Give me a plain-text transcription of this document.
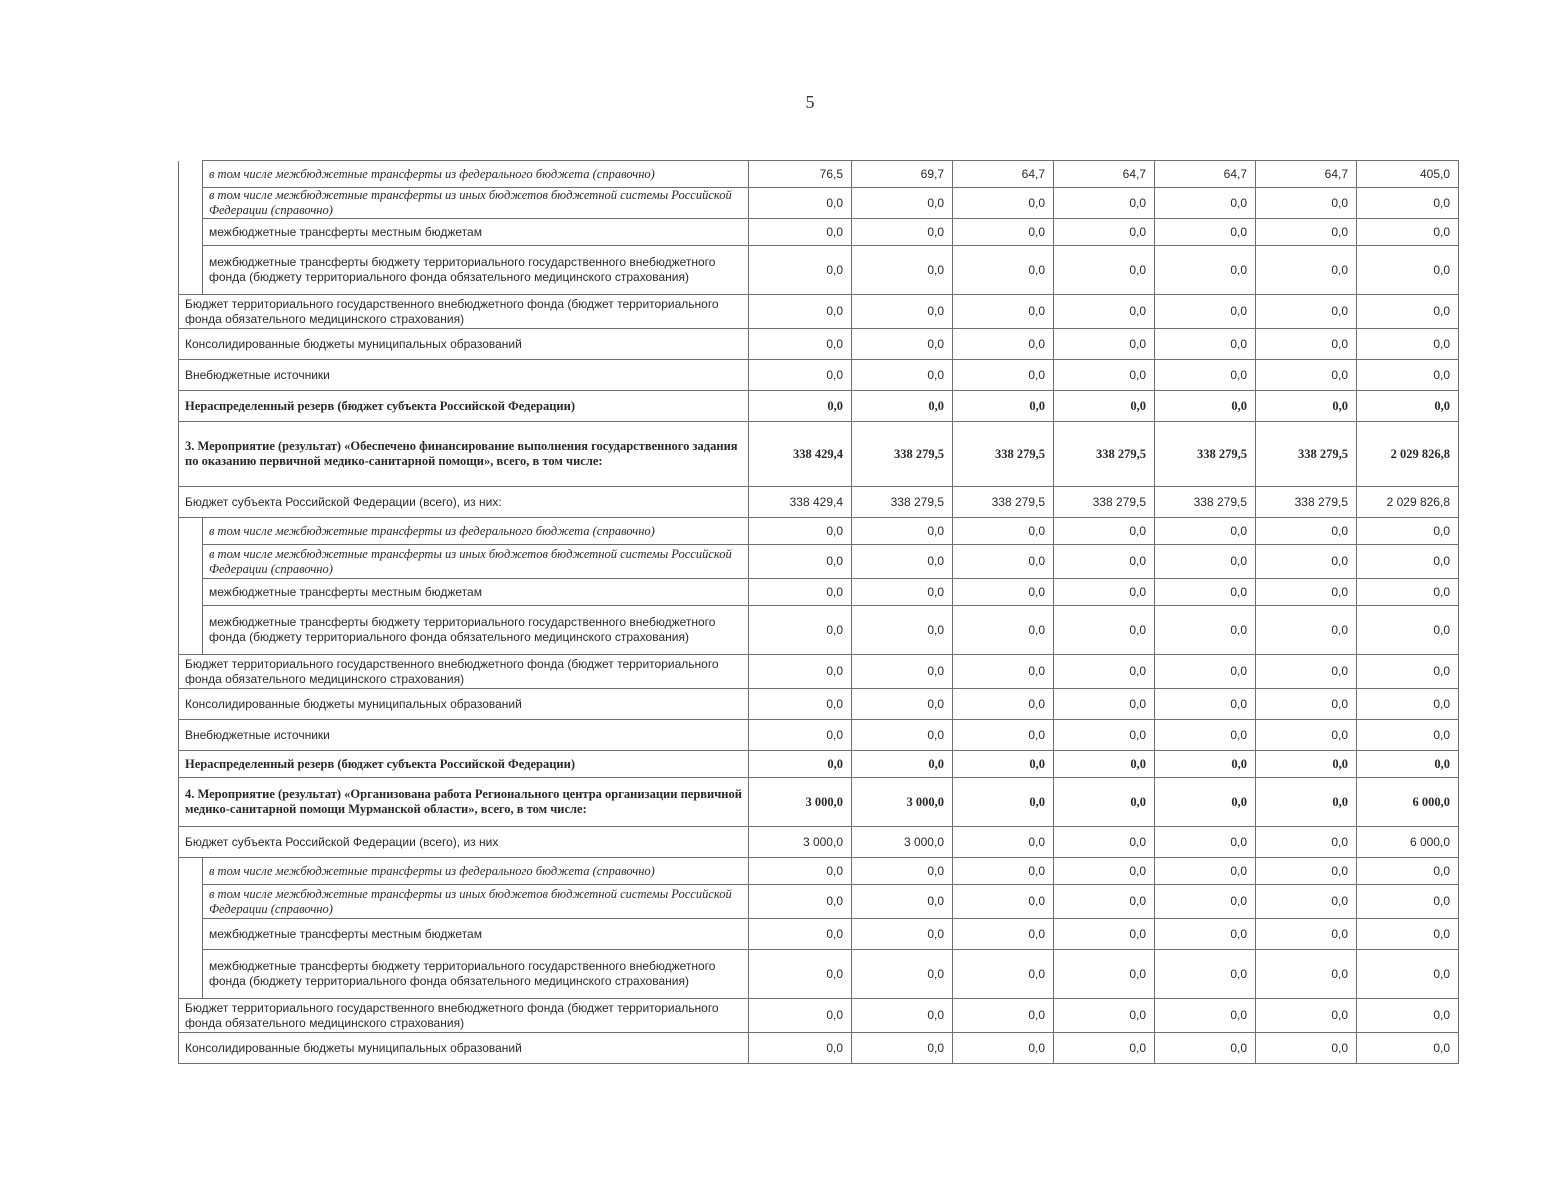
5
	в том числе межбюджетные трансферты из федерального бюджета (справочно)	76,5	69,7	64,7	64,7	64,7	64,7	405,0
	в том числе межбюджетные трансферты из иных бюджетов бюджетной системы Российской Федерации (справочно)	0,0	0,0	0,0	0,0	0,0	0,0	0,0
	межбюджетные трансферты местным бюджетам	0,0	0,0	0,0	0,0	0,0	0,0	0,0
	межбюджетные трансферты бюджету территориального государственного внебюджетного фонда (бюджету территориального фонда обязательного медицинского страхования)	0,0	0,0	0,0	0,0	0,0	0,0	0,0
Бюджет территориального государственного внебюджетного фонда (бюджет территориального фонда обязательного медицинского страхования)		0,0	0,0	0,0	0,0	0,0	0,0	0,0
Консолидированные бюджеты муниципальных образований		0,0	0,0	0,0	0,0	0,0	0,0	0,0
Внебюджетные источники		0,0	0,0	0,0	0,0	0,0	0,0	0,0
Нераспределенный резерв (бюджет субъекта Российской Федерации)		0,0	0,0	0,0	0,0	0,0	0,0	0,0
3. Мероприятие (результат) «Обеспечено финансирование выполнения государственного задания по оказанию первичной медико-санитарной помощи», всего, в том числе:		338 429,4	338 279,5	338 279,5	338 279,5	338 279,5	338 279,5	2 029 826,8
Бюджет субъекта Российской Федерации (всего), из них:		338 429,4	338 279,5	338 279,5	338 279,5	338 279,5	338 279,5	2 029 826,8
	в том числе межбюджетные трансферты из федерального бюджета (справочно)	0,0	0,0	0,0	0,0	0,0	0,0	0,0
	в том числе межбюджетные трансферты из иных бюджетов бюджетной системы Российской Федерации (справочно)	0,0	0,0	0,0	0,0	0,0	0,0	0,0
	межбюджетные трансферты местным бюджетам	0,0	0,0	0,0	0,0	0,0	0,0	0,0
	межбюджетные трансферты бюджету территориального государственного внебюджетного фонда (бюджету территориального фонда обязательного медицинского страхования)	0,0	0,0	0,0	0,0	0,0	0,0	0,0
Бюджет территориального государственного внебюджетного фонда (бюджет территориального фонда обязательного медицинского страхования)		0,0	0,0	0,0	0,0	0,0	0,0	0,0
Консолидированные бюджеты муниципальных образований		0,0	0,0	0,0	0,0	0,0	0,0	0,0
Внебюджетные источники		0,0	0,0	0,0	0,0	0,0	0,0	0,0
Нераспределенный резерв (бюджет субъекта Российской Федерации)		0,0	0,0	0,0	0,0	0,0	0,0	0,0
4. Мероприятие (результат) «Организована работа Регионального центра организации первичной медико-санитарной помощи Мурманской области», всего, в том числе:		3 000,0	3 000,0	0,0	0,0	0,0	0,0	6 000,0
Бюджет субъекта Российской Федерации (всего), из них		3 000,0	3 000,0	0,0	0,0	0,0	0,0	6 000,0
	в том числе межбюджетные трансферты из федерального бюджета (справочно)	0,0	0,0	0,0	0,0	0,0	0,0	0,0
	в том числе межбюджетные трансферты из иных бюджетов бюджетной системы Российской Федерации (справочно)	0,0	0,0	0,0	0,0	0,0	0,0	0,0
	межбюджетные трансферты местным бюджетам	0,0	0,0	0,0	0,0	0,0	0,0	0,0
	межбюджетные трансферты бюджету территориального государственного внебюджетного фонда (бюджету территориального фонда обязательного медицинского страхования)	0,0	0,0	0,0	0,0	0,0	0,0	0,0
Бюджет территориального государственного внебюджетного фонда (бюджет территориального фонда обязательного медицинского страхования)		0,0	0,0	0,0	0,0	0,0	0,0	0,0
Консолидированные бюджеты муниципальных образований		0,0	0,0	0,0	0,0	0,0	0,0	0,0
